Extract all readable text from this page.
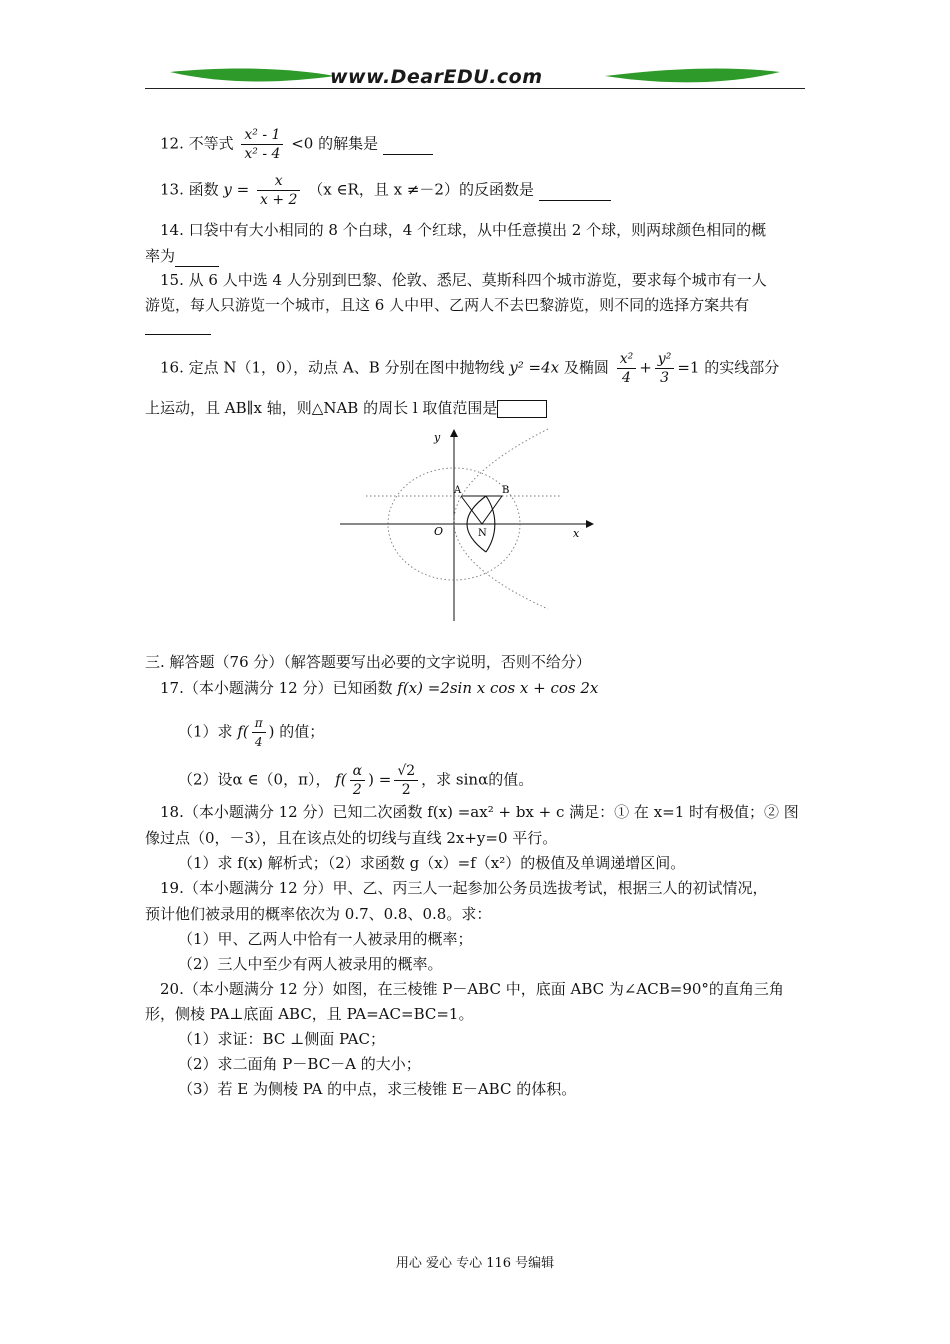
www.DearEDU.com
12. 不等式 $\frac{\text{x² - 1}}{\text{x² - 4}} <0$ 的解集是
13. 函数 $y = \frac{x}{x + 2} (x$ ∈R，且 x ≠－2）的反函数是
14. 口袋中有大小相同的 8 个白球，4 个红球，从中任意摸出 2 个球，则两球颜色相同的概
率为
15. 从 6 人中选 4 人分别到巴黎、伦敦、悉尼、莫斯科四个城市游览，要求每个城市有一人
游览，每人只游览一个城市，且这 6 人中甲、乙两人不去巴黎游览，则不同的选择方案共有
16. 定点 N（1，0），动点 A、B 分别在图中抛物线 y² =4x 及椭圆 $\frac{\text{x²}}{4} + \frac{\text{y²}}{3} =1$ 的实线部分
上运动，且 AB∥x 轴，则△NAB 的周长 l 取值范围是
y
x
O
A	B
N
三. 解答题（76 分）（解答题要写出必要的文字说明，否则不给分）
17.（本小题满分 12 分）已知函数 f(x) =2sin x cos x + cos 2x
（1）求 $f( \frac{\pi}{4}$ ) 的值；
（2）设α ∈（0，π）， $f( \frac{\alpha}{2}$ ) = $\frac{√2}{2}$ ，求 sinα的值。
18.（本小题满分 12 分）已知二次函数 f(x) =ax² + bx + c 满足：① 在 x=1 时有极值；② 图
像过点（0，－3），且在该点处的切线与直线 2x+y=0 平行。
（1）求 f(x) 解析式；（2）求函数 g（x）=f（x²）的极值及单调递增区间。
19.（本小题满分 12 分）甲、乙、丙三人一起参加公务员选拔考试，根据三人的初试情况，
预计他们被录用的概率依次为 0.7、0.8、0.8。求：
（1）甲、乙两人中恰有一人被录用的概率；
（2）三人中至少有两人被录用的概率。
20.（本小题满分 12 分）如图，在三棱锥 P－ABC 中，底面 ABC 为∠ACB=90°的直角三角
形，侧棱 PA⊥底面 ABC，且 PA=AC=BC=1。
（1）求证：BC ⊥侧面 PAC；
（2）求二面角 P－BC－A 的大小；
（3）若 E 为侧棱 PA 的中点，求三棱锥 E－ABC 的体积。
用心 爱心 专心 116 号编辑
